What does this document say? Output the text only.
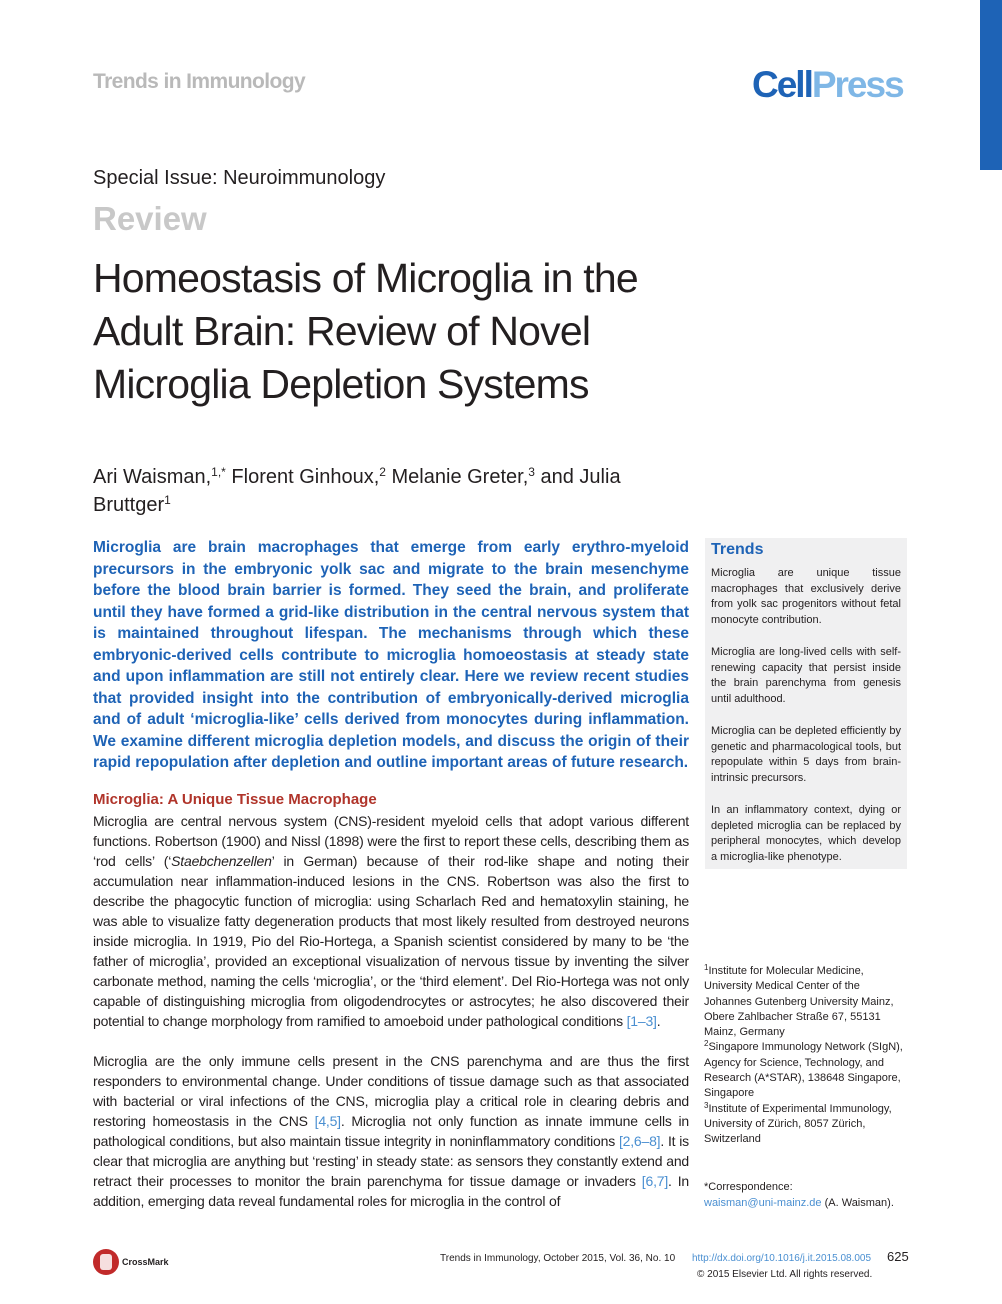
Trends in Immunology	CellPress
Special Issue: Neuroimmunology
Review
Homeostasis of Microglia in the Adult Brain: Review of Novel Microglia Depletion Systems
Ari Waisman,$^{1,*}$ Florent Ginhoux,$^2$ Melanie Greter,$^3$ and Julia Bruttger$^1$

Microglia are brain macrophages that emerge from early erythro-myeloid precursors in the embryonic yolk sac and migrate to the brain mesenchyme before the blood brain barrier is formed. They seed the brain, and proliferate until they have formed a grid-like distribution in the central nervous system that is maintained throughout lifespan. The mechanisms through which these embryonic-derived cells contribute to microglia homoeostasis at steady state and upon inflammation are still not entirely clear. Here we review recent studies that provided insight into the contribution of embryonically-derived microglia and of adult ‘microglia-like’ cells derived from monocytes during inflammation. We examine different microglia depletion models, and discuss the origin of their rapid repopulation after depletion and outline important areas of future research.

Microglia: A Unique Tissue Macrophage

Microglia are central nervous system (CNS)-resident myeloid cells that adopt various different functions. Robertson (1900) and Nissl (1898) were the first to report these cells, describing them as ‘rod cells’ (‘Staebchenzellen’ in German) because of their rod-like shape and noting their accumulation near inflammation-induced lesions in the CNS. Robertson was also the first to describe the phagocytic function of microglia: using Scharlach Red and hematoxylin staining, he was able to visualize fatty degeneration products that most likely resulted from destroyed neurons inside microglia. In 1919, Pio del Rio-Hortega, a Spanish scientist considered by many to be ‘the father of microglia’, provided an exceptional visualization of nervous tissue by inventing the silver carbonate method, naming the cells ‘microglia’, or the ‘third element’. Del Rio-Hortega was not only capable of distinguishing microglia from oligodendrocytes or astrocytes; he also discovered their potential to change morphology from ramified to amoeboid under pathological conditions [1–3].

Microglia are the only immune cells present in the CNS parenchyma and are thus the first responders to environmental change. Under conditions of tissue damage such as that associated with bacterial or viral infections of the CNS, microglia play a critical role in clearing debris and restoring homeostasis in the CNS [4,5]. Microglia not only function as innate immune cells in pathological conditions, but also maintain tissue integrity in noninflammatory conditions [2,6–8]. It is clear that microglia are anything but ‘resting’ in steady state: as sensors they constantly extend and retract their processes to monitor the brain parenchyma for tissue damage or invaders [6,7]. In addition, emerging data reveal fundamental roles for microglia in the control of

Trends

Microglia are unique tissue macrophages that exclusively derive from yolk sac progenitors without fetal monocyte contribution.

Microglia are long-lived cells with self-renewing capacity that persist inside the brain parenchyma from genesis until adulthood.

Microglia can be depleted efficiently by genetic and pharmacological tools, but repopulate within 5 days from brain-intrinsic precursors.

In an inflammatory context, dying or depleted microglia can be replaced by peripheral monocytes, which develop a microglia-like phenotype.

$^1$Institute for Molecular Medicine, University Medical Center of the Johannes Gutenberg University Mainz, Obere Zahlbacher Straße 67, 55131 Mainz, Germany

$^2$Singapore Immunology Network (SIgN), Agency for Science, Technology, and Research (A*STAR), 138648 Singapore, Singapore

$^3$Institute of Experimental Immunology, University of Zürich, 8057 Zürich, Switzerland

*Correspondence:
waisman@uni-mainz.de (A. Waisman).
CrossMark	Trends in Immunology, October 2015, Vol. 36, No. 10 http://dx.doi.org/10.1016/j.it.2015.08.005 625
© 2015 Elsevier Ltd. All rights reserved.
